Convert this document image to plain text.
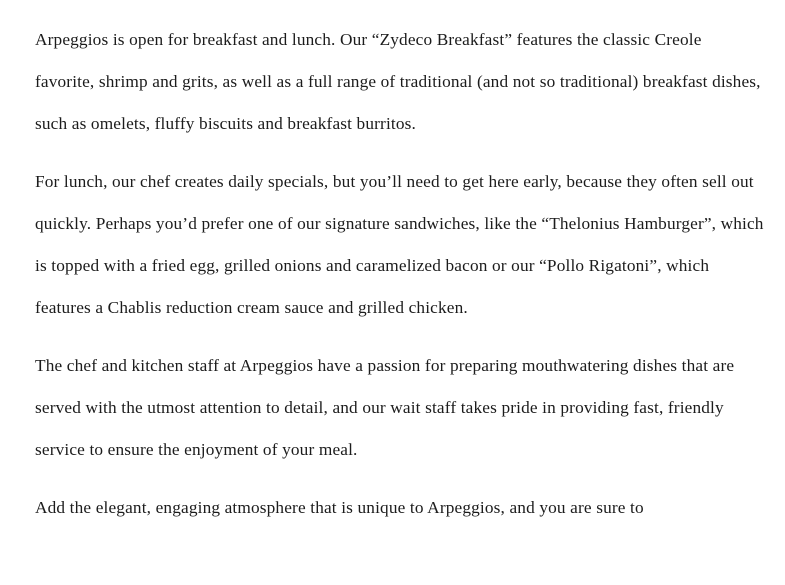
Arpeggios is open for breakfast and lunch. Our “Zydeco Breakfast” features the classic Creole favorite, shrimp and grits, as well as a full range of traditional (and not so traditional) breakfast dishes, such as omelets, fluffy biscuits and breakfast burritos.

For lunch, our chef creates daily specials, but you’ll need to get here early, because they often sell out quickly. Perhaps you’d prefer one of our signature sandwiches, like the “Thelonius Hamburger”, which is topped with a fried egg, grilled onions and caramelized bacon or our “Pollo Rigatoni”, which features a Chablis reduction cream sauce and grilled chicken.

The chef and kitchen staff at Arpeggios have a passion for preparing mouthwatering dishes that are served with the utmost attention to detail, and our wait staff takes pride in providing fast, friendly service to ensure the enjoyment of your meal.

Add the elegant, engaging atmosphere that is unique to Arpeggios, and you are sure to
